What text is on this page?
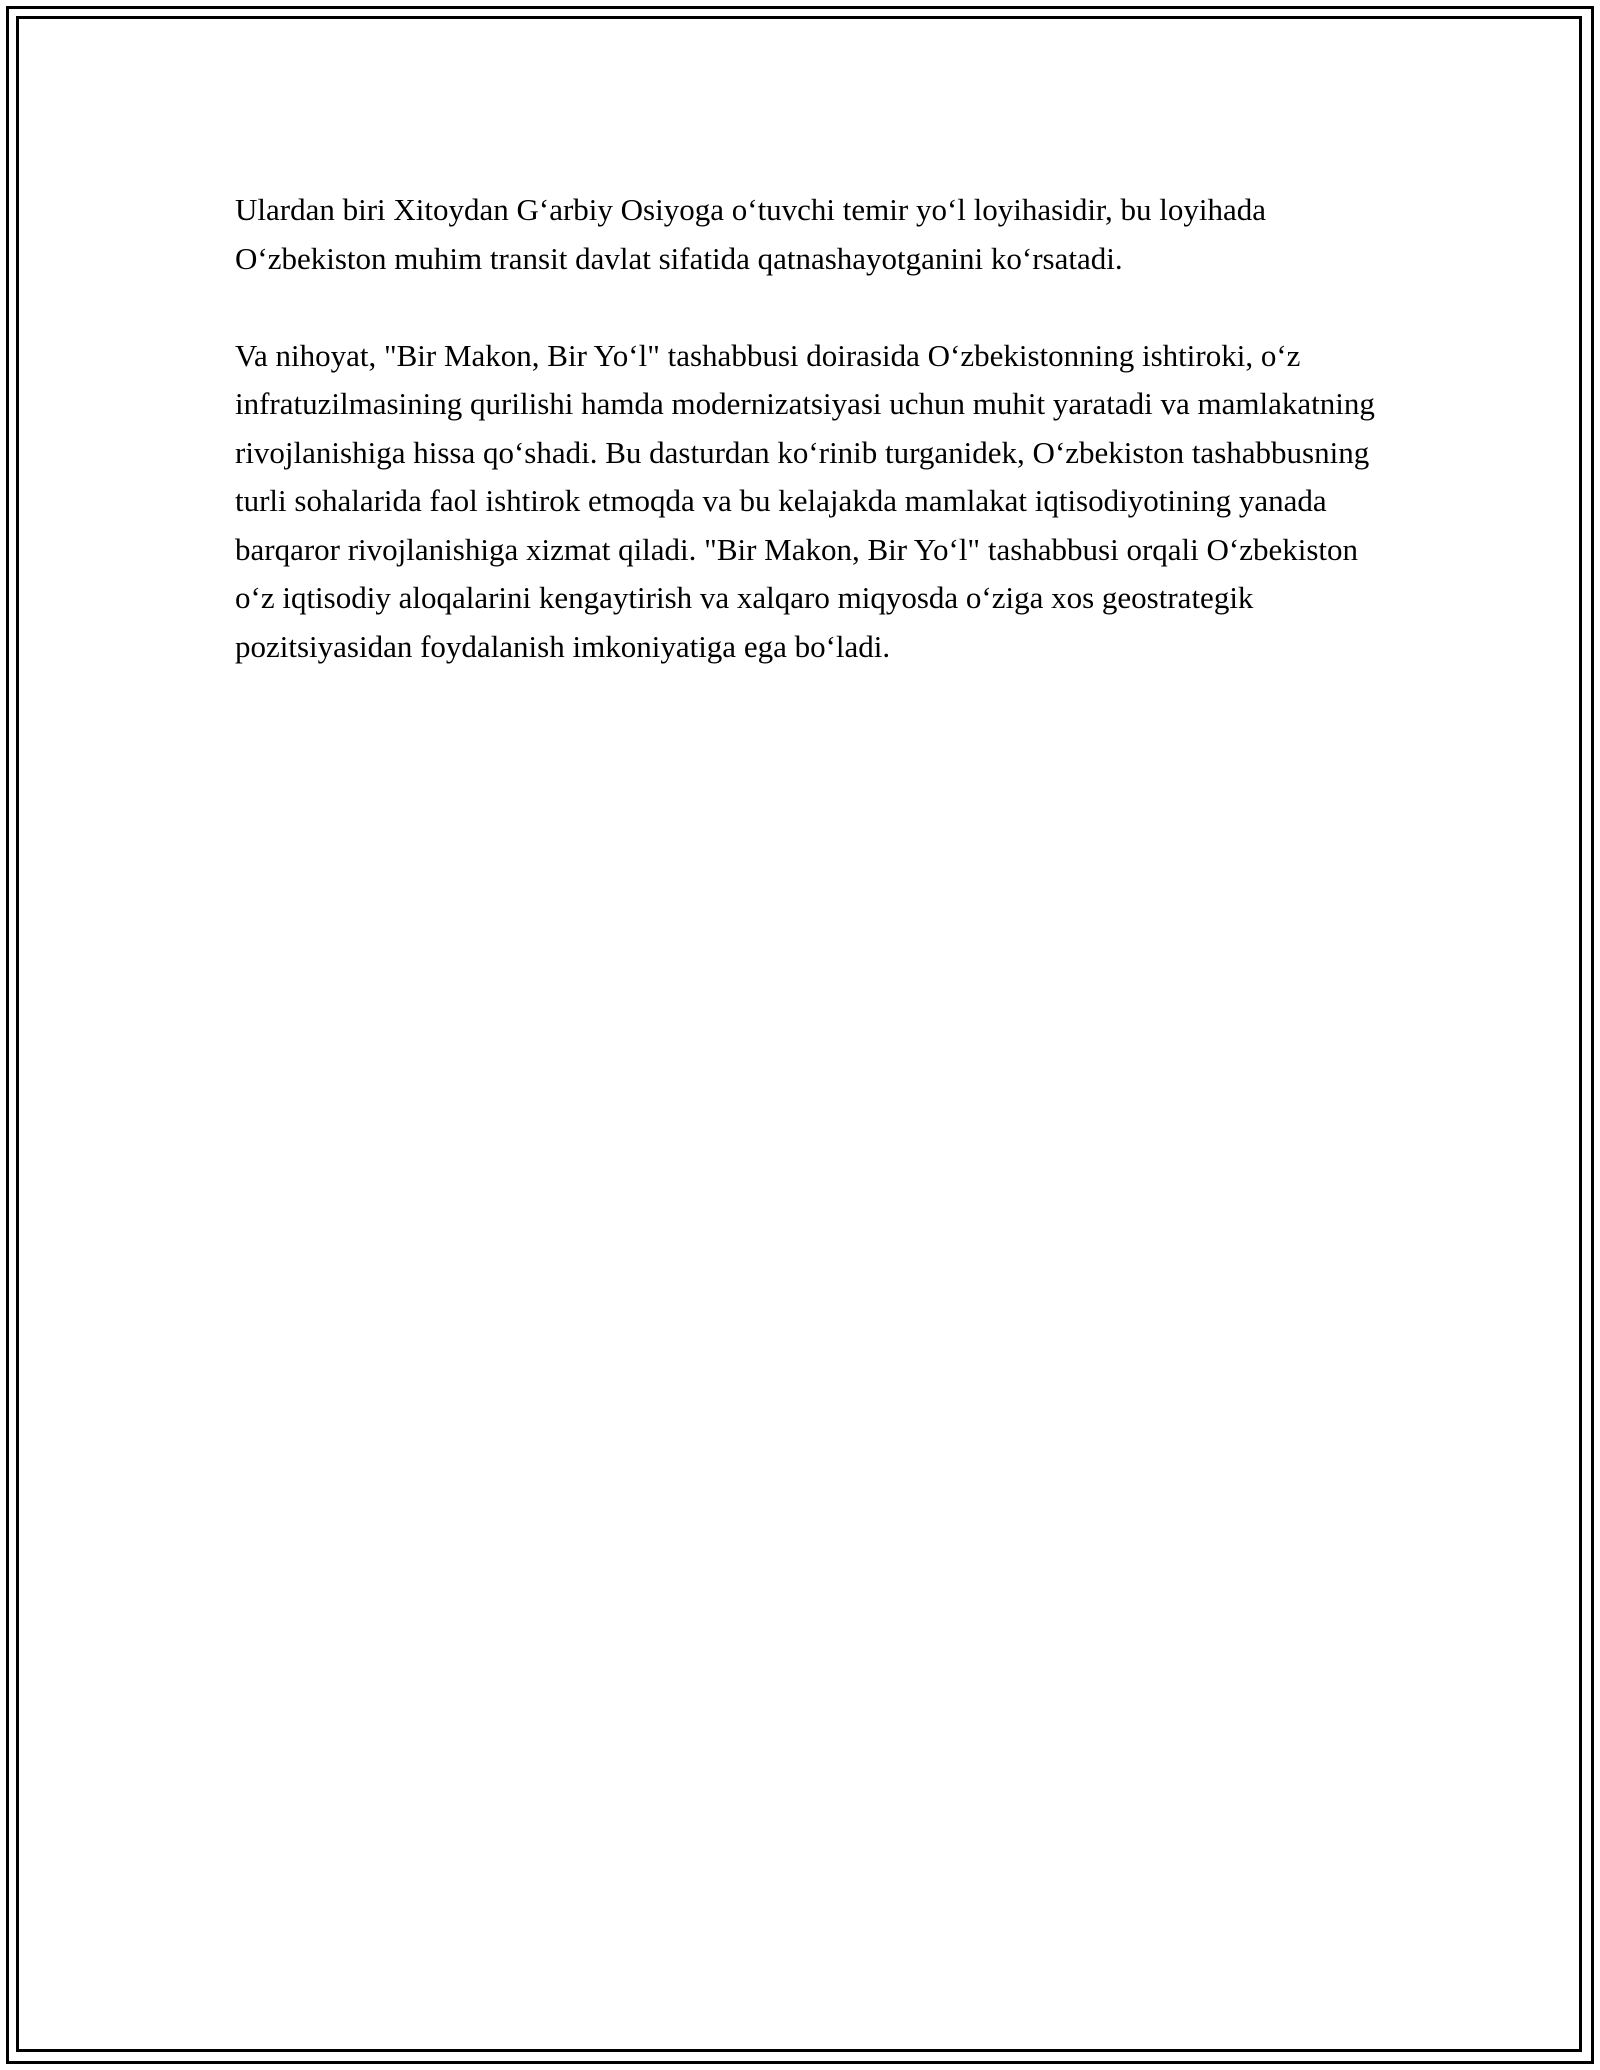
Ulardan biri Xitoydan G‘arbiy Osiyoga o‘tuvchi temir yo‘l loyihasidir, bu loyihada O‘zbekiston muhim transit davlat sifatida qatnashayotganini ko‘rsatadi.

Va nihoyat, "Bir Makon, Bir Yo‘l" tashabbusi doirasida O‘zbekistonning ishtiroki, o‘z infratuzilmasining qurilishi hamda modernizatsiyasi uchun muhit yaratadi va mamlakatning rivojlanishiga hissa qo‘shadi. Bu dasturdan ko‘rinib turganidek, O‘zbekiston tashabbusning turli sohalarida faol ishtirok etmoqda va bu kelajakda mamlakat iqtisodiyotining yanada barqaror rivojlanishiga xizmat qiladi. "Bir Makon, Bir Yo‘l" tashabbusi orqali O‘zbekiston o‘z iqtisodiy aloqalarini kengaytirish va xalqaro miqyosda o‘ziga xos geostrategik pozitsiyasidan foydalanish imkoniyatiga ega bo‘ladi.
